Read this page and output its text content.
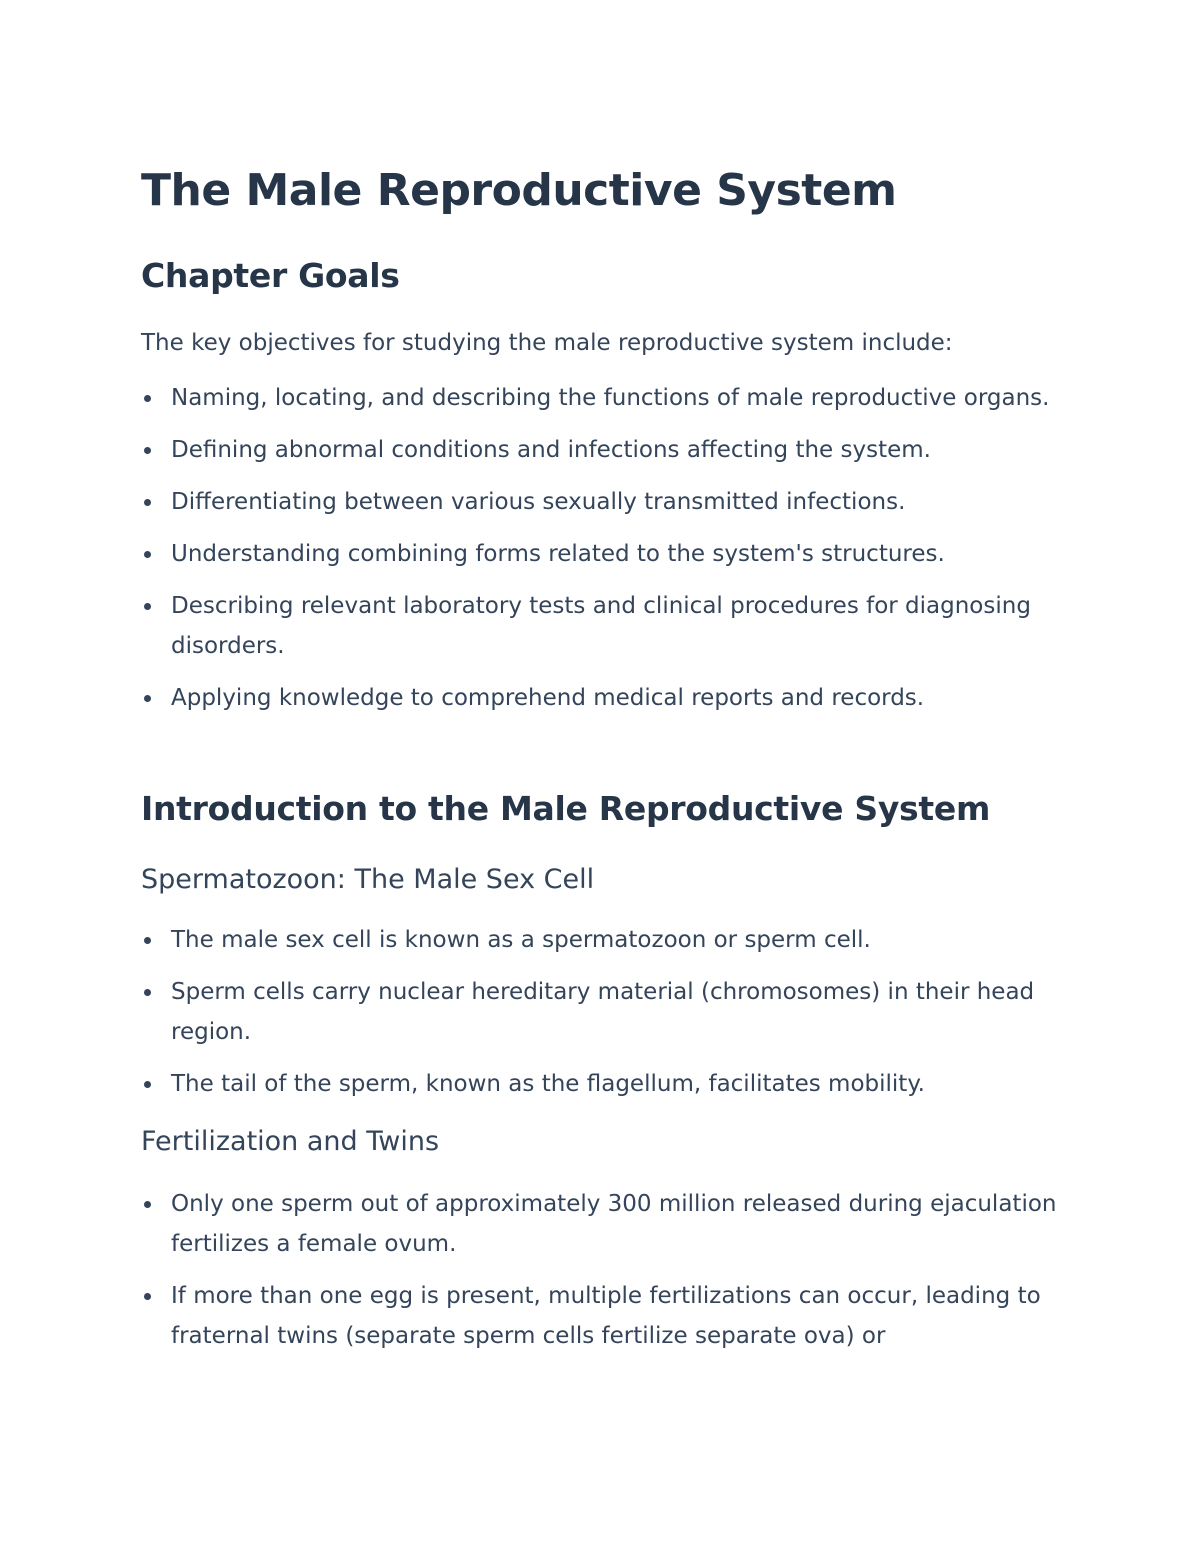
The Male Reproductive System
Chapter Goals

The key objectives for studying the male reproductive system include:

Naming, locating, and describing the functions of male reproductive organs.
Defining abnormal conditions and infections affecting the system.
Differentiating between various sexually transmitted infections.
Understanding combining forms related to the system's structures.
Describing relevant laboratory tests and clinical procedures for diagnosing disorders.
Applying knowledge to comprehend medical reports and records.
Introduction to the Male Reproductive System
Spermatozoon: The Male Sex Cell
The male sex cell is known as a spermatozoon or sperm cell.
Sperm cells carry nuclear hereditary material (chromosomes) in their head region.
The tail of the sperm, known as the flagellum, facilitates mobility.
Fertilization and Twins
Only one sperm out of approximately 300 million released during ejaculation fertilizes a female ovum.
If more than one egg is present, multiple fertilizations can occur, leading to fraternal twins (separate sperm cells fertilize separate ova) or
